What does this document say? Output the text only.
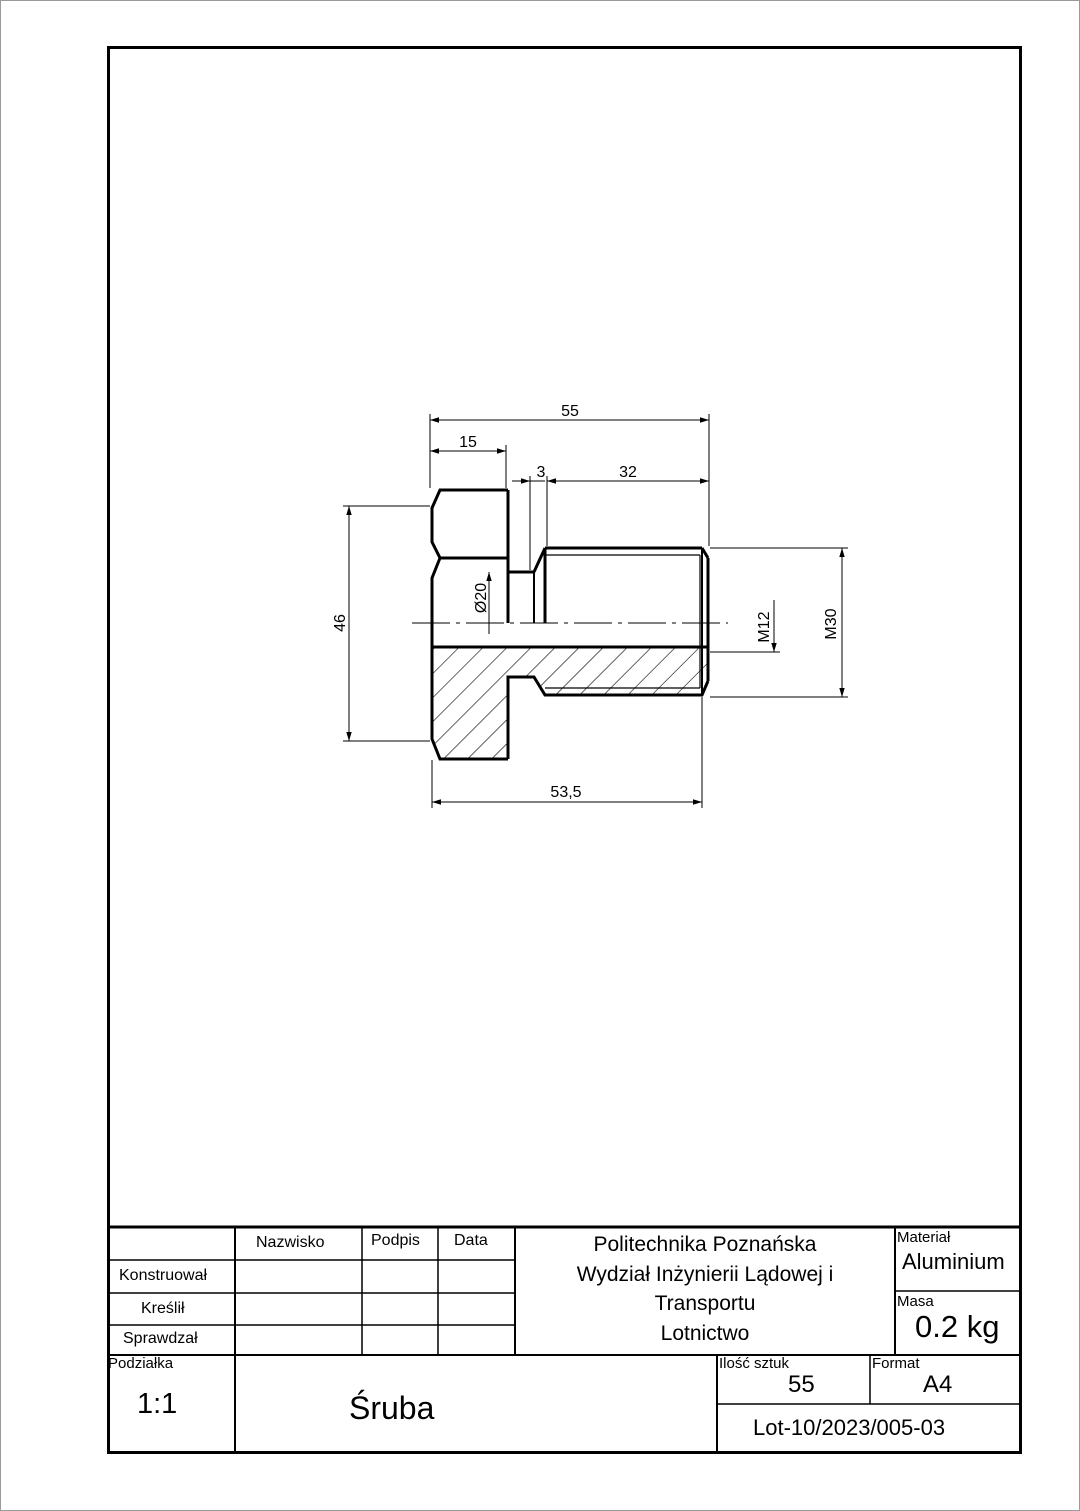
55
15
3	32
46
Ø20
M12	M30
53,5
Nazwisko	Podpis Data
Konstruował
Kreślił
Sprawdzał
Politechnika Poznańska
Wydział Inżynierii Lądowej i
Transportu
Lotnictwo
Materiał
Aluminium
Masa
0.2 kg
Podziałka
1:1	Śruba
Ilość sztuk
55
Format
A4
Lot-10/2023/005-03
